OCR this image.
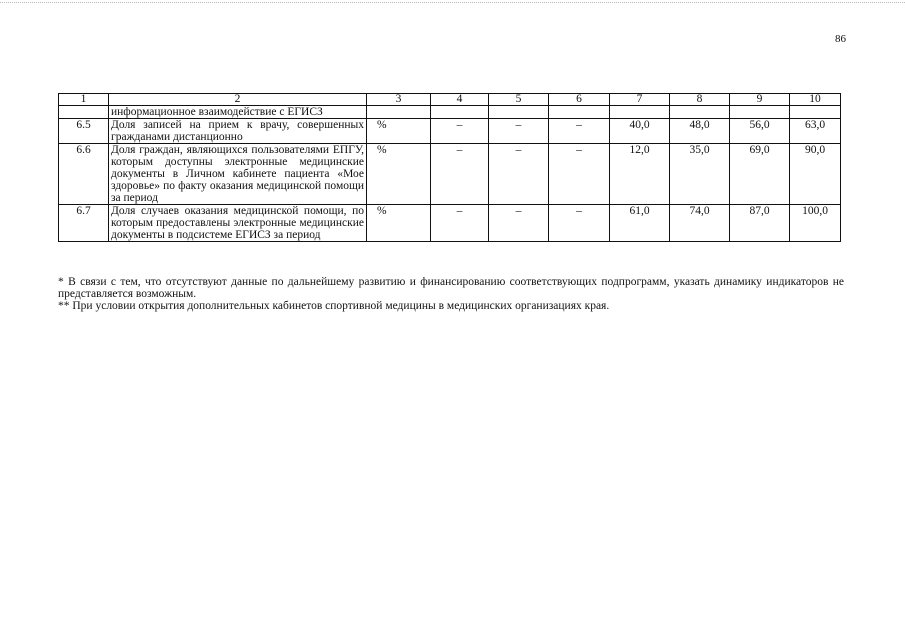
86
1	2	3	4	5	6	7	8	9	10
	информационное взаимодействие с ЕГИСЗ								
6.5	Доля записей на прием к врачу, совершенных гражданами дистанционно	%	–	–	–	40,0	48,0	56,0	63,0
6.6	Доля граждан, являющихся пользователями ЕПГУ, которым доступны электронные медицинские документы в Личном кабинете пациента «Мое здоровье» по факту оказания медицинской помощи за период	%	–	–	–	12,0	35,0	69,0	90,0
6.7	Доля случаев оказания медицинской помощи, по которым предоставлены электронные медицинские документы в подсистеме ЕГИСЗ за период	%	–	–	–	61,0	74,0	87,0	100,0

* В связи с тем, что отсутствуют данные по дальнейшему развитию и финансированию соответствующих подпрограмм, указать динамику индикаторов не представляется возможным.

** При условии открытия дополнительных кабинетов спортивной медицины в медицинских организациях края.
